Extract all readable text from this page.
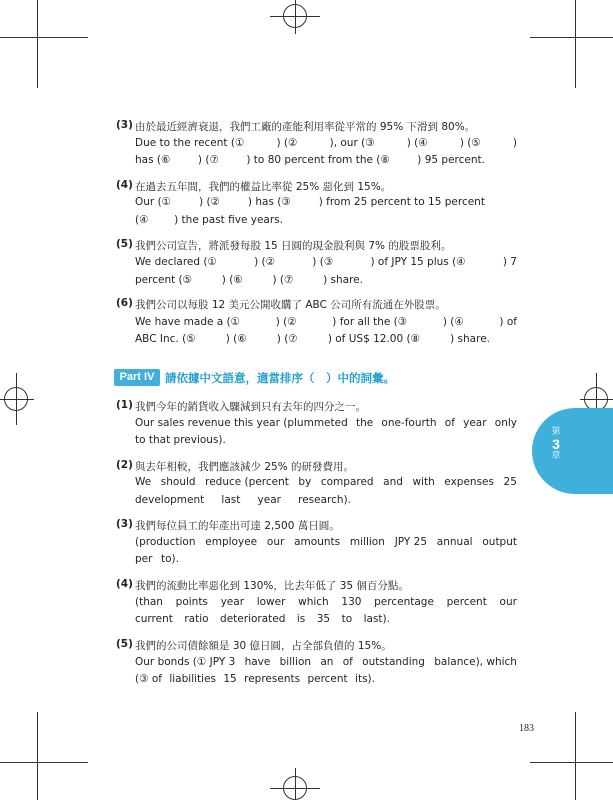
第
3
章
(3) 由於最近經濟衰退，我們工廠的產能利用率從平常的 95% 下滑到 80%。
Due to the recent (①	) (②	), our (③	) (④	) (⑤	)
has (⑥	) (⑦	) to 80 percent from the (⑧	) 95 percent.
(4) 在過去五年間，我們的權益比率從 25% 惡化到 15%。
Our (①	) (②	) has (③	) from 25 percent to 15 percent
(④ ) the past five years.
(5) 我們公司宣告，將派發每股 15 日圓的現金股利與 7% 的股票股利。
We declared (①	) (②	) (③	) of JPY 15 plus (④	) 7
percent (⑤	) (⑥	) (⑦	) share.
(6) 我們公司以每股 12 美元公開收購了 ABC 公司所有流通在外股票。
We have made a (①	) (②	) for all the (③	) (④	) of
ABC Inc. (⑤	) (⑥	) (⑦	) of US$ 12.00 (⑧	) share.
Part IV 請依據中文語意，適當排序（　）中的詞彙。
(1) 我們今年的銷貨收入驟減到只有去年的四分之一。
Our sales revenue this year (plummeted the one-fourth of year only
to that previous).
(2) 與去年相較，我們應該減少 25% 的研發費用。
We should reduce (percent by compared and with expenses 25
development last year research).
(3) 我們每位員工的年產出可達 2,500 萬日圓。
(production employee our amounts million JPY 25 annual output
per to).
(4) 我們的流動比率惡化到 130%，比去年低了 35 個百分點。
(than points year lower which 130 percentage percent our
current ratio deteriorated is 35 to last).
(5) 我們的公司債餘額是 30 億日圓，占全部負債的 15%。
Our bonds (① JPY 3 have billion an of outstanding balance), which
(③ of liabilities 15 represents percent its).
183
